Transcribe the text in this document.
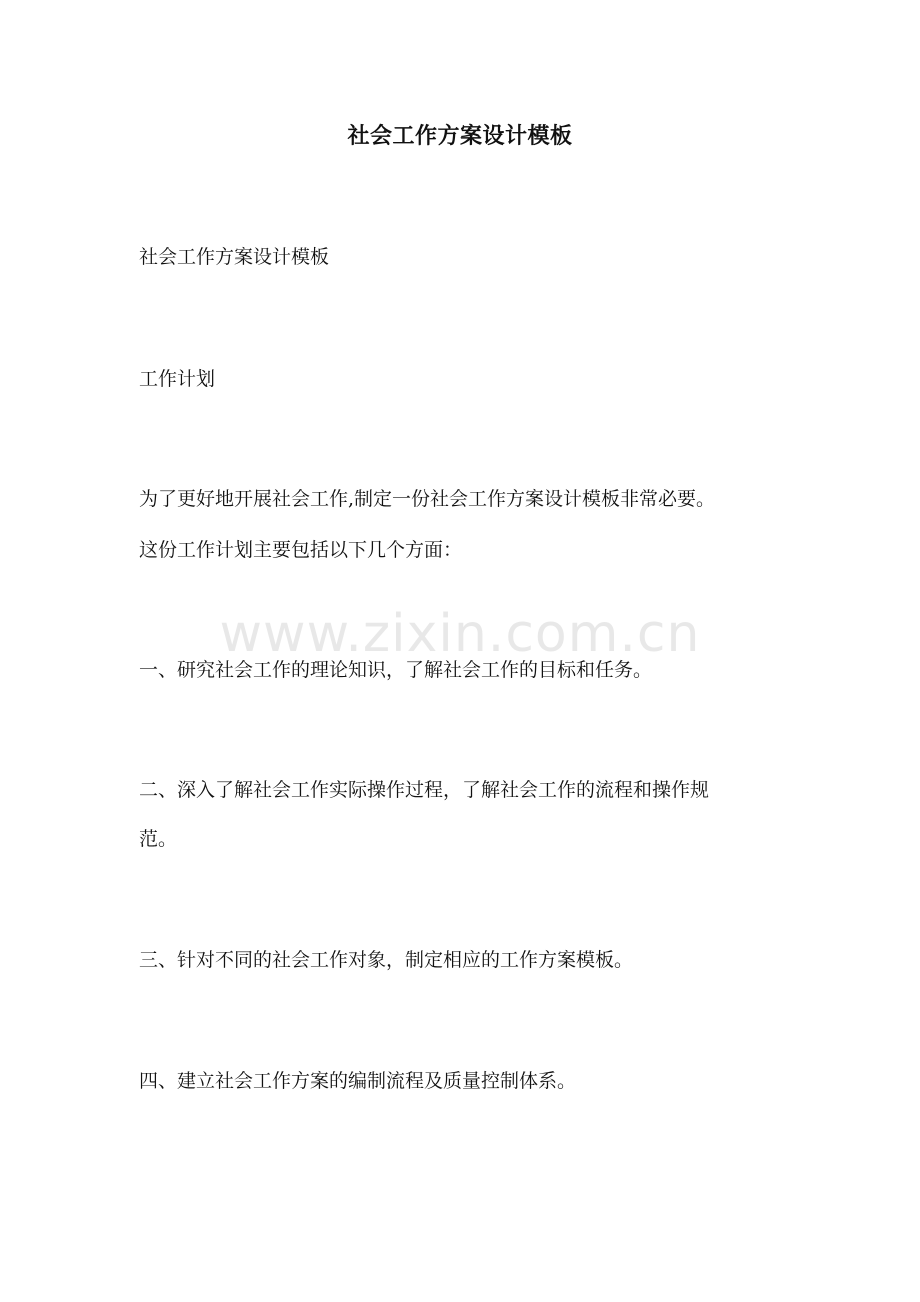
社会工作方案设计模板
社会工作方案设计模板
工作计划
为了更好地开展社会工作,制定一份社会工作方案设计模板非常必要。
这份工作计划主要包括以下几个方面：
一、研究社会工作的理论知识，了解社会工作的目标和任务。
二、深入了解社会工作实际操作过程，了解社会工作的流程和操作规
范。
三、针对不同的社会工作对象，制定相应的工作方案模板。
四、建立社会工作方案的编制流程及质量控制体系。
www.zixin.com.cn
